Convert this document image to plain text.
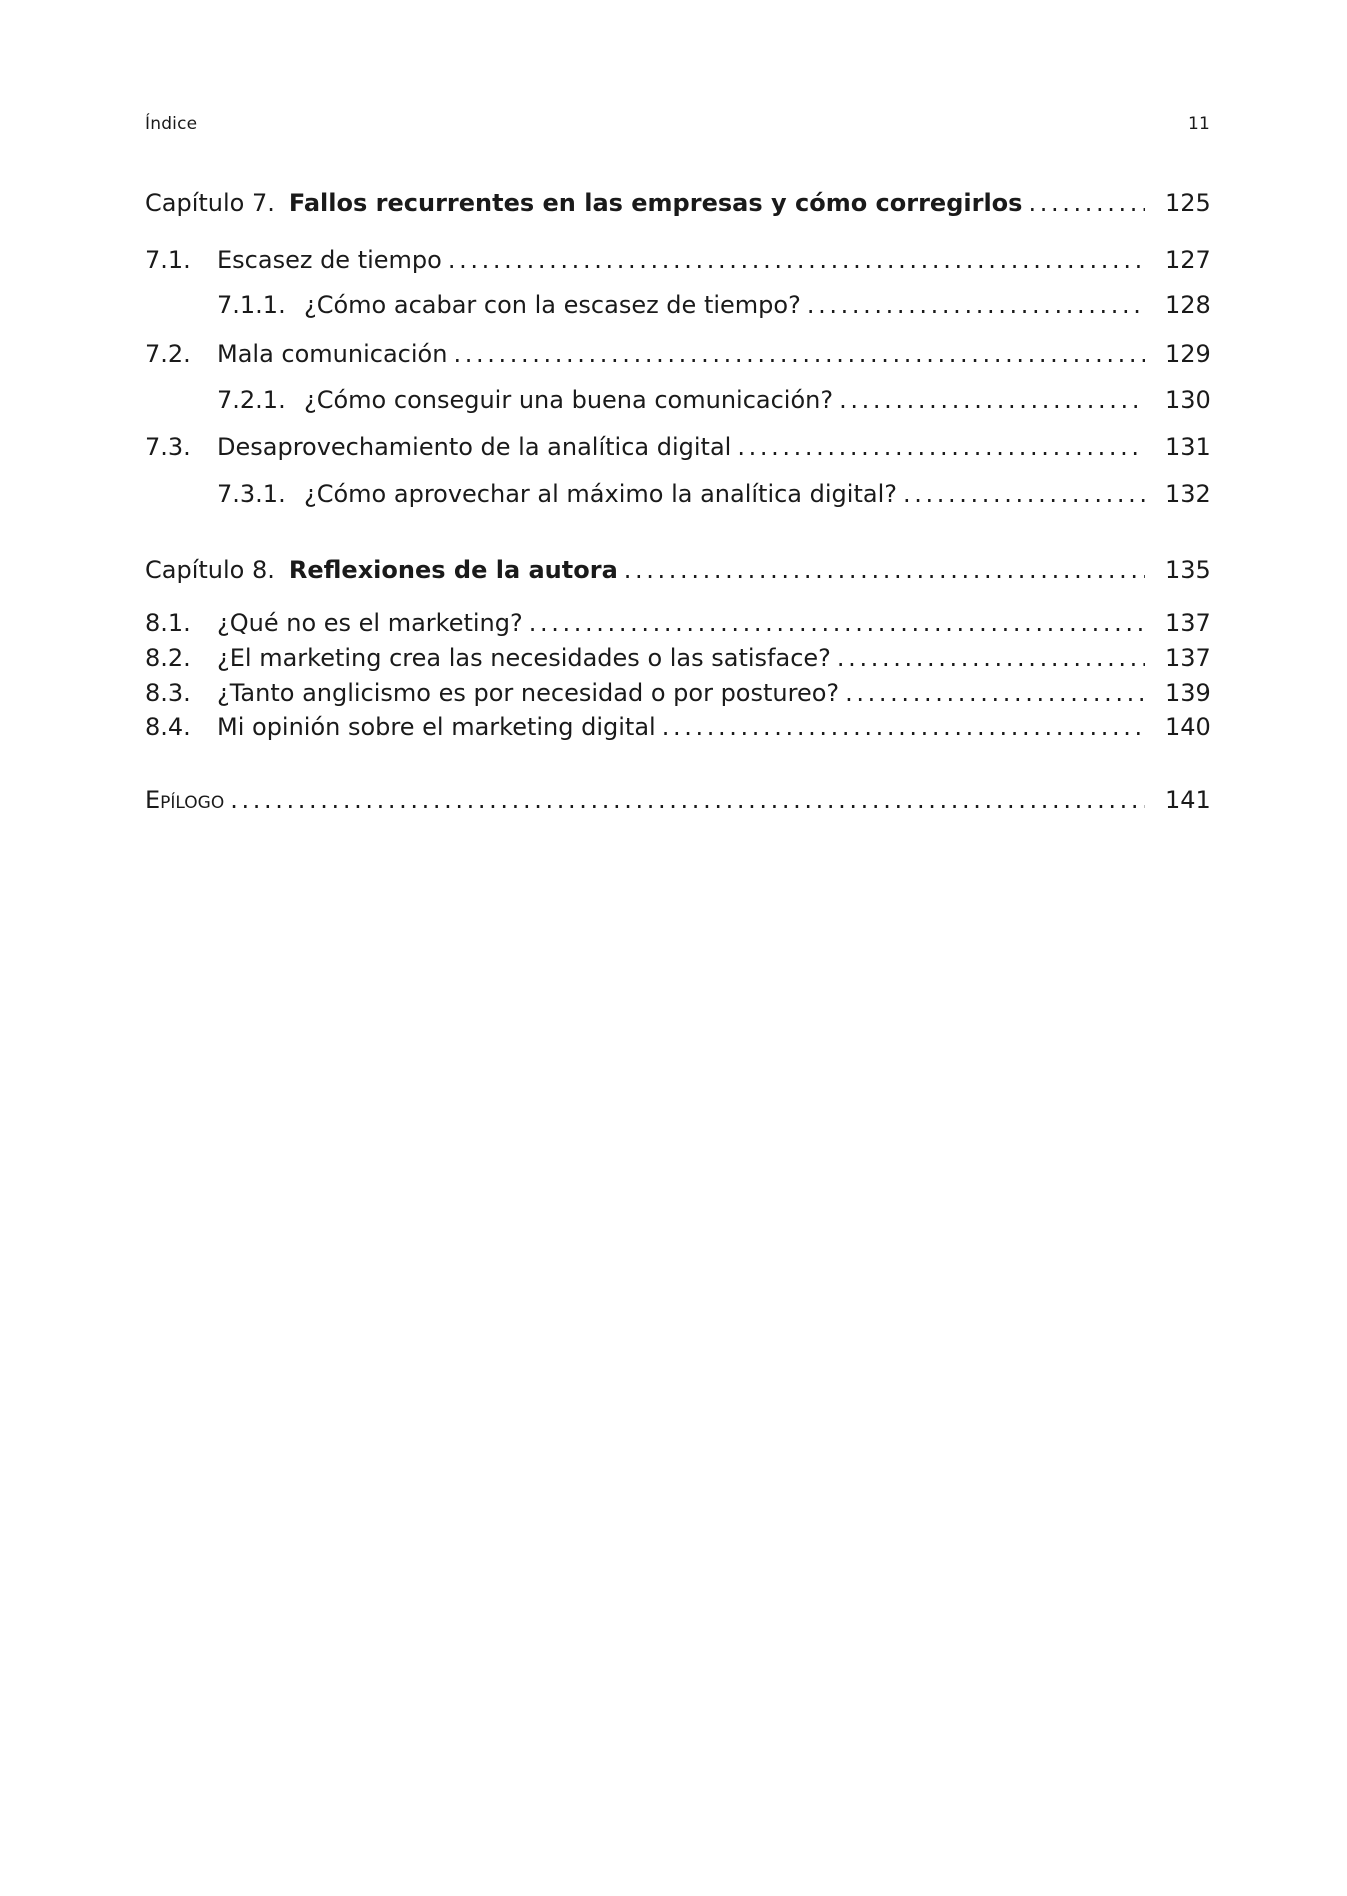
Índice	11
Capítulo 7. Fallos recurrentes en las empresas y cómo corregirlos . . .	125
7.1.	Escasez de tiempo . . .	127
7.1.1. ¿Cómo acabar con la escasez de tiempo? . . .	128
7.2.	Mala comunicación . . .	129
7.2.1. ¿Cómo conseguir una buena comunicación? . . .	130
7.3.	Desaprovechamiento de la analítica digital . . .	131
7.3.1. ¿Cómo aprovechar al máximo la analítica digital? . . .	132
Capítulo 8. Reflexiones de la autora . . .	135
8.1.	¿Qué no es el marketing? . . .	137
8.2.	¿El marketing crea las necesidades o las satisface? . . .	137
8.3.	¿Tanto anglicismo es por necesidad o por postureo? . . .	139
8.4.	Mi opinión sobre el marketing digital . . .	140
Epílogo . . .	141
